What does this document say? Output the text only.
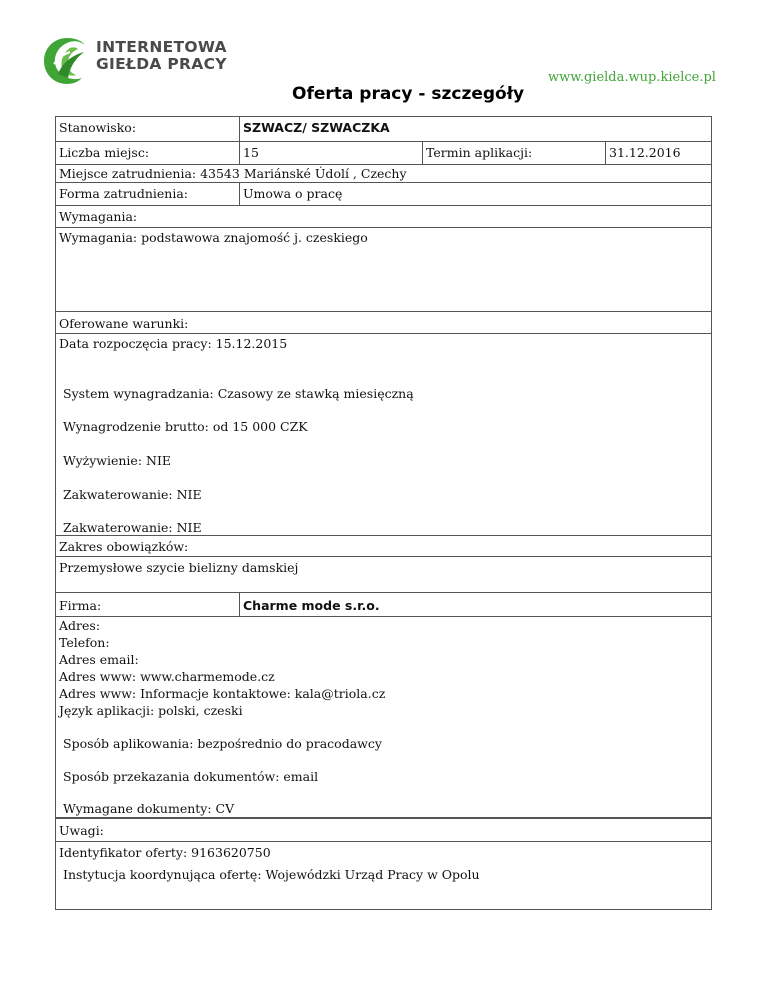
INTERNETOWA
GIEŁDA PRACY
www.gielda.wup.kielce.pl
Oferta pracy - szczegóły
Stanowisko:	SZWACZ/ SZWACZKA
Liczba miejsc:	15	Termin aplikacji:	31.12.2016
Miejsce zatrudnienia: 43543 Mariánské Údolí , Czechy
Forma zatrudnienia:	Umowa o pracę
Wymagania:
Wymagania: podstawowa znajomość j. czeskiego
Oferowane warunki:
Data rozpoczęcia pracy: 15.12.2015
System wynagradzania: Czasowy ze stawką miesięczną
Wynagrodzenie brutto: od 15 000 CZK
Wyżywienie: NIE
Zakwaterowanie: NIE
Zakwaterowanie: NIE
Zakres obowiązków:
Przemysłowe szycie bielizny damskiej
Firma:	Charme mode s.r.o.
Adres:
Telefon:
Adres email:
Adres www: www.charmemode.cz
Adres www: Informacje kontaktowe: kala@triola.cz
Język aplikacji: polski, czeski
Sposób aplikowania: bezpośrednio do pracodawcy
Sposób przekazania dokumentów: email
Wymagane dokumenty: CV
Uwagi:
Identyfikator oferty: 9163620750
Instytucja koordynująca ofertę: Wojewódzki Urząd Pracy w Opolu
